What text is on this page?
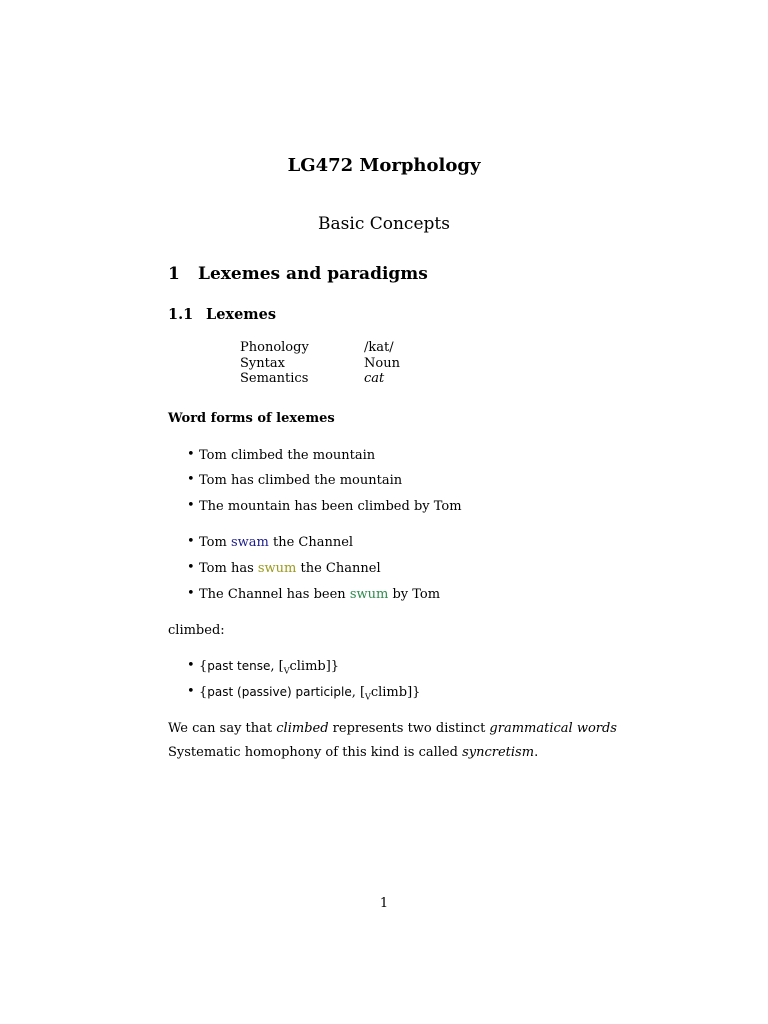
LG472 Morphology
Basic Concepts
1 Lexemes and paradigms
1.1 Lexemes
Phonology	/kat/
Syntax	Noun
Semantics	cat
Word forms of lexemes
• Tom climbed the mountain
• Tom has climbed the mountain
• The mountain has been climbed by Tom
• Tom swam the Channel
• Tom has swum the Channel
• The Channel has been swum by Tom
climbed:
• {past tense, $[_Vclimb]$}
• {past (passive) participle, $[_Vclimb]$}
We can say that climbed represents two distinct grammatical words
Systematic homophony of this kind is called syncretism.
1
